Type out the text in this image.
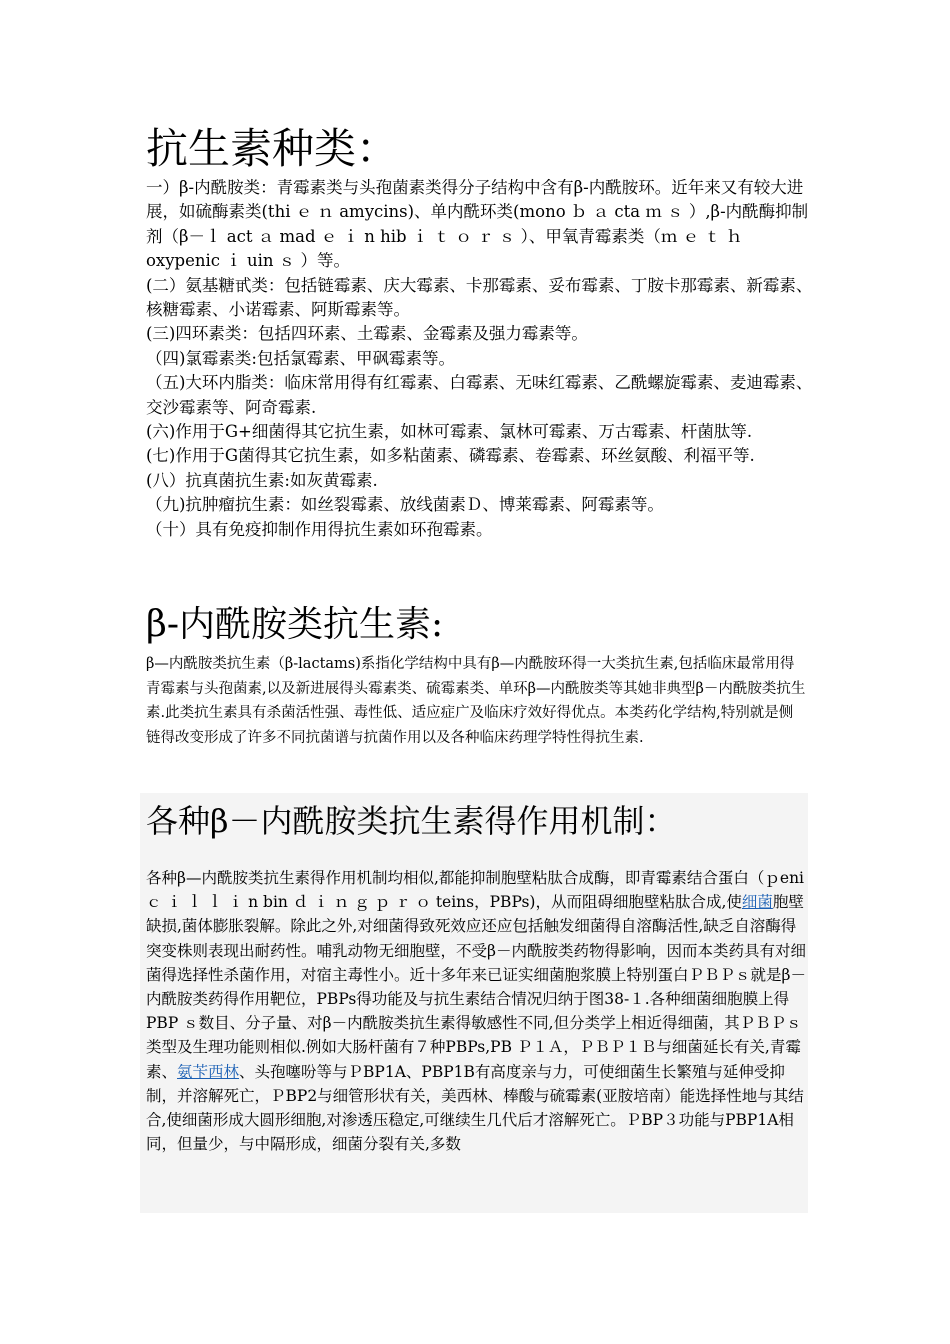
抗生素种类：

一）β-内酰胺类：青霉素类与头孢菌素类得分子结构中含有β-内酰胺环。近年来又有较大进展，如硫酶素类(thi ｅ ｎ amycins)、单内酰环类(mono ｂ ａ cta ｍ ｓ ）,β-内酰酶抑制剂（β－ｌ act ａ mad ｅ ｉ n hib ｉ ｔ ｏ ｒ ｓ ）、甲氧青霉素类（ｍ ｅ ｔ ｈ oxypenic ｉ uin ｓ ）等。

(二）氨基糖甙类：包括链霉素、庆大霉素、卡那霉素、妥布霉素、丁胺卡那霉素、新霉素、核糖霉素、小诺霉素、阿斯霉素等。

(三)四环素类：包括四环素、土霉素、金霉素及强力霉素等。

（四)氯霉素类:包括氯霉素、甲砜霉素等。

（五)大环内脂类：临床常用得有红霉素、白霉素、无味红霉素、乙酰螺旋霉素、麦迪霉素、交沙霉素等、阿奇霉素.

(六)作用于G+细菌得其它抗生素，如林可霉素、氯林可霉素、万古霉素、杆菌肽等.

(七)作用于G菌得其它抗生素，如多粘菌素、磷霉素、卷霉素、环丝氨酸、利福平等.

(八）抗真菌抗生素:如灰黄霉素.

（九)抗肿瘤抗生素：如丝裂霉素、放线菌素Ｄ、博莱霉素、阿霉素等。

（十）具有免疫抑制作用得抗生素如环孢霉素。

β-内酰胺类抗生素:

β—内酰胺类抗生素（β-lactams)系指化学结构中具有β—内酰胺环得一大类抗生素,包括临床最常用得青霉素与头孢菌素,以及新进展得头霉素类、硫霉素类、单环β—内酰胺类等其她非典型β－内酰胺类抗生素.此类抗生素具有杀菌活性强、毒性低、适应症广及临床疗效好得优点。本类药化学结构,特别就是侧链得改变形成了许多不同抗菌谱与抗菌作用以及各种临床药理学特性得抗生素.

各种β－内酰胺类抗生素得作用机制：

各种β—内酰胺类抗生素得作用机制均相似,都能抑制胞壁粘肽合成酶，即青霉素结合蛋白（ｐeni ｃ ｉ ｌ ｌ ｉ n bin ｄ ｉ ｎ ｇ ｐ ｒ ｏ teins，PBPs)，从而阻碍细胞壁粘肽合成,使细菌胞壁缺损,菌体膨胀裂解。除此之外,对细菌得致死效应还应包括触发细菌得自溶酶活性,缺乏自溶酶得突变株则表现出耐药性。哺乳动物无细胞壁，不受β－内酰胺类药物得影响，因而本类药具有对细菌得选择性杀菌作用，对宿主毒性小。近十多年来已证实细菌胞浆膜上特别蛋白ＰＢＰｓ就是β－内酰胺类药得作用靶位，PBPs得功能及与抗生素结合情况归纳于图38-１.各种细菌细胞膜上得PBP ｓ数目、分子量、对β－内酰胺类抗生素得敏感性不同,但分类学上相近得细菌，其ＰＢＰｓ类型及生理功能则相似.例如大肠杆菌有７种PBPs,PB Ｐ１Ａ，ＰＢＰ１Ｂ与细菌延长有关,青霉素、氨苄西林、头孢噻吩等与ＰBP1A、PBP1B有高度亲与力，可使细菌生长繁殖与延伸受抑制，并溶解死亡，ＰBP2与细管形状有关，美西林、棒酸与硫霉素(亚胺培南）能选择性地与其结合,使细菌形成大圆形细胞,对渗透压稳定,可继续生几代后才溶解死亡。ＰBP３功能与PBP1A相同，但量少，与中隔形成，细菌分裂有关,多数
